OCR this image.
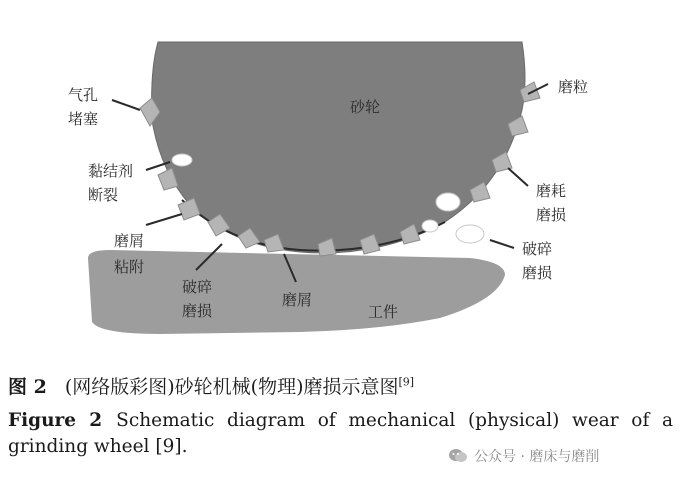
砂轮
工件
气孔
堵塞
黏结剂
断裂
磨屑
粘附
破碎
磨损
磨屑
磨粒
磨耗
磨损
破碎
磨损
图 2 (网络版彩图)砂轮机械(物理)磨损示意图[9]
Figure 2 Schematic diagram of mechanical (physical) wear of a grinding wheel [9].	公众号 · 磨床与磨削
